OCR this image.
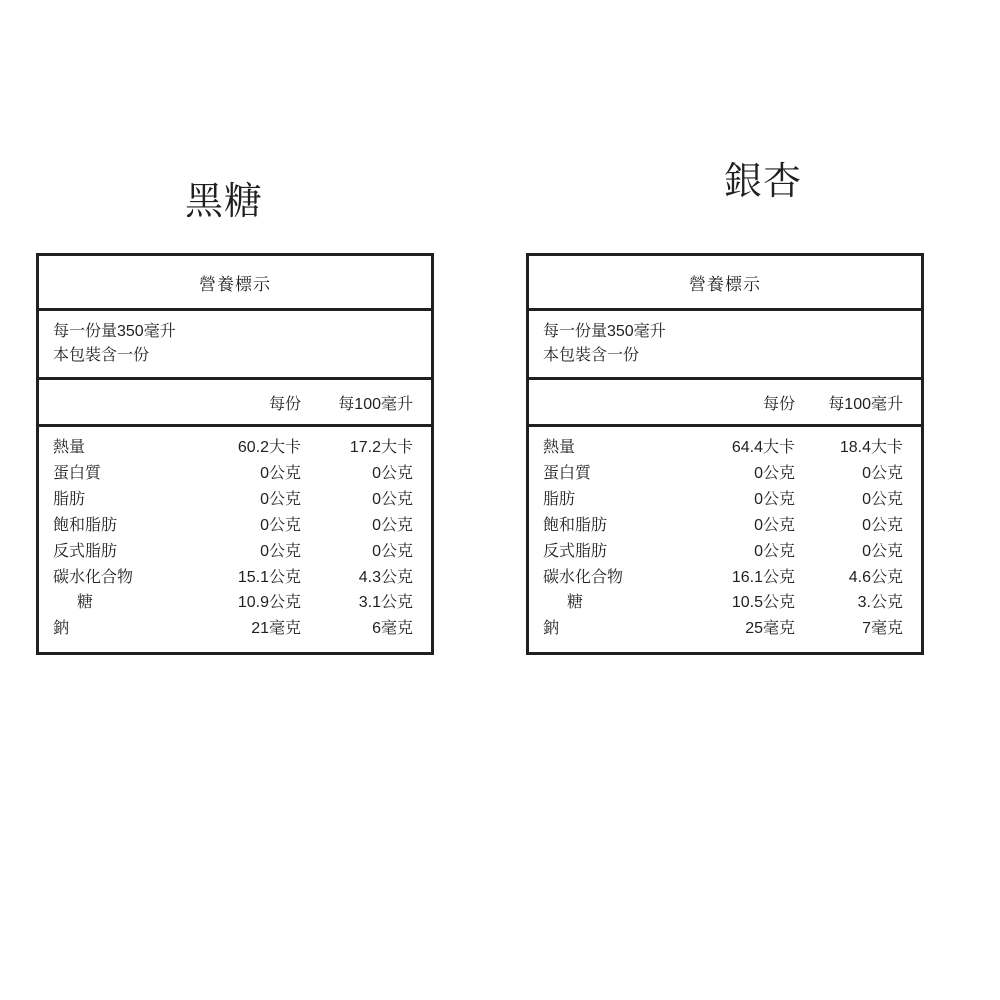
黑糖
營養標示
每一份量350毫升
本包裝含一份
每份	每100毫升
熱量	60.2大卡	17.2大卡
蛋白質	0公克	0公克
脂肪	0公克	0公克
飽和脂肪	0公克	0公克
反式脂肪	0公克	0公克
碳水化合物	15.1公克	4.3公克
糖	10.9公克	3.1公克
鈉	21毫克	6毫克
銀杏
營養標示
每一份量350毫升
本包裝含一份
每份	每100毫升
熱量	64.4大卡	18.4大卡
蛋白質	0公克	0公克
脂肪	0公克	0公克
飽和脂肪	0公克	0公克
反式脂肪	0公克	0公克
碳水化合物	16.1公克	4.6公克
糖	10.5公克	3.公克
鈉	25毫克	7毫克
